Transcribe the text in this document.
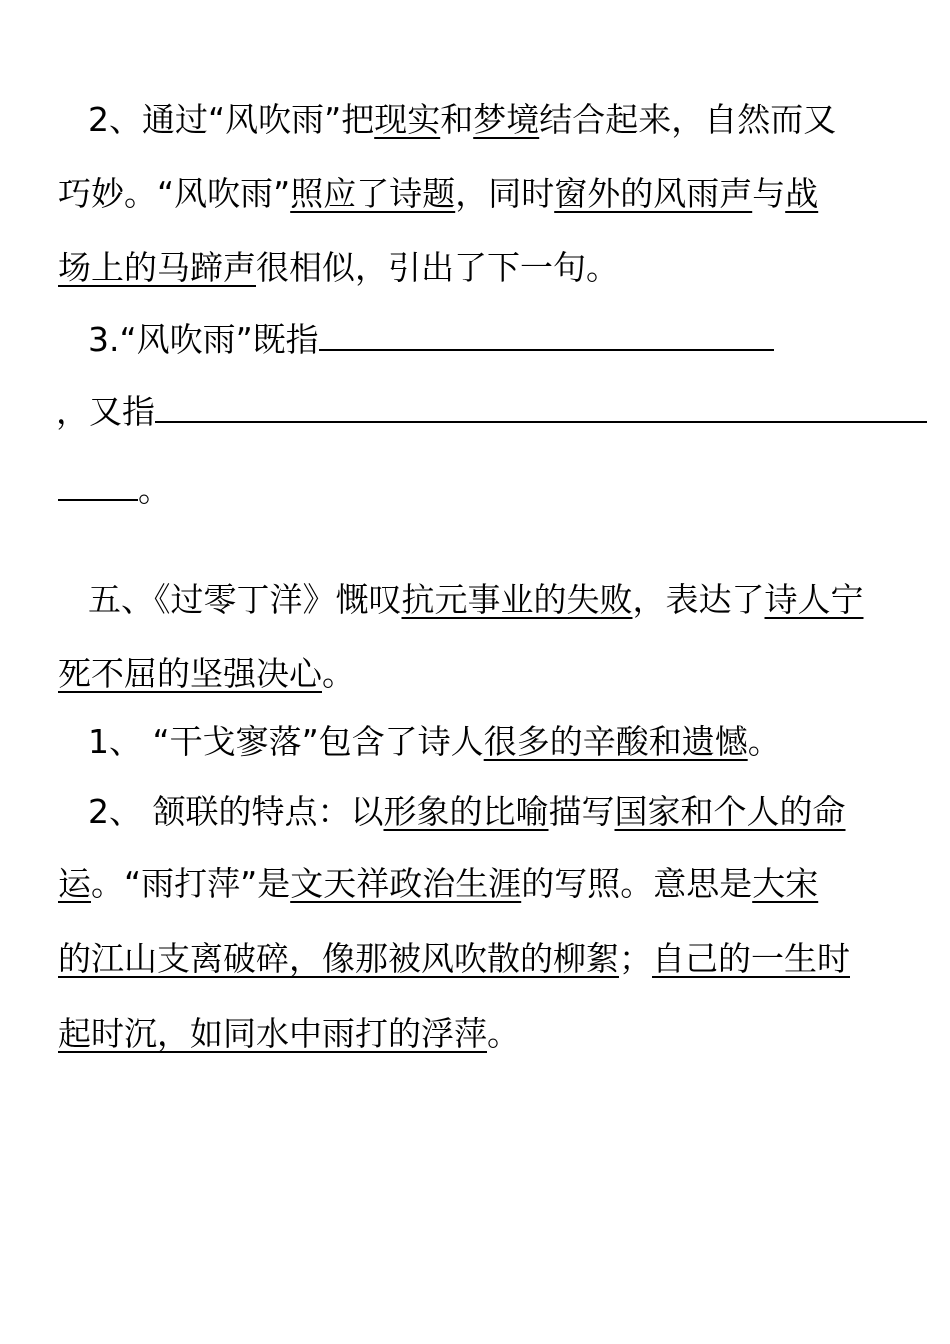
2、通过“风吹雨”把现实和梦境结合起来，自然而又
巧妙。“风吹雨”照应了诗题，同时窗外的风雨声与战
场上的马蹄声很相似，引出了下一句。
3.“风吹雨”既指
，又指
。
五、《过零丁洋》慨叹抗元事业的失败，表达了诗人宁
死不屈的坚强决心。
1、 “干戈寥落”包含了诗人很多的辛酸和遗憾。
2、 颔联的特点：以形象的比喻描写国家和个人的命
运。“雨打萍”是文天祥政治生涯的写照。意思是大宋
的江山支离破碎，像那被风吹散的柳絮；自己的一生时
起时沉，如同水中雨打的浮萍。
